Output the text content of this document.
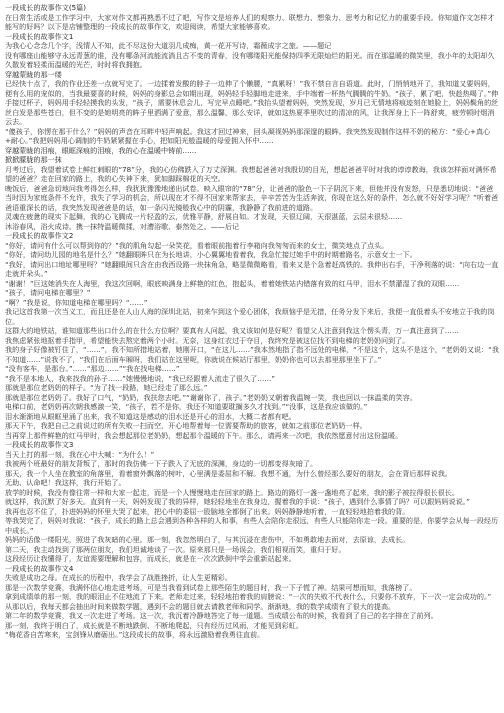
一段成长的故事作文(5篇)

在日常生活或是工作学习中，大家对作文都再熟悉不过了吧，写作文是培养人们的观察力、联想力、想象力、思考力和记忆力的重要手段。你知道作文怎样才能写的好吗？以下是店铺整理的一段成长的故事作文，欢迎阅读，希望大家能够喜欢。

一段成长的故事作文1

为我心心念念几个字，浅情人不知，此不尽这份大道羽几成痴，黄一花开写诗，霜薇成字之旅。——题记

没有哪座山能够守永远青葱的谁，没有哪条河流能流淌且古不变的青春，没有哪缕阳光能保持四季无限灿烂的阳光。而在那温暖的微笑里，我小年的太阳却久久散发着轻柔而温暖的光芒，时时将我拥抱。

穿越蒙眬的那一缕

已经快十点了，我的作业还差一点就写完了。一边揉着发酸的脖子一边伸了个懒腰，“真累呀！”我不禁自言自语道。此时，门悄悄地开了，我知道又要妈妈，便有么用的宠似的，当我最要喜的时候，妈妈的身影总会如期出现，妈妈轻手轻脚地走进来，手中端着一杯热气腾腾的牛奶。“孩子，累了吧，快趁热喝了。”伸手接过杯子，妈妈用手轻轻摸我的头发，“孩子，需要休息会儿，写完早点睡吧。”我抬头望着妈妈，突然发现，岁月已无情地将痕迹刻在她脸上，妈妈鬓角的丝丝白发是那些苍白，但不变的是她明亮的眸子里洒满了爱意，那么温馨，那么安详，就如这热夏季里吹过的清凉的风，让我浑身上下一阵舒爽，疲劳顿时烟消云去。

“傻孩子，你愣在那干什么？”妈妈的声音在耳畔中轻声响起。我这才回过神来，回头凝视妈妈那深邃的眼眸。我突然发现制作这样不奶的秘方：“爱心+真心+耐心。”我把妈妈用心调制的牛奶紧紧握在手心，把如阳光般温暖的母爱拥入怀中……

穿越蒙眬的泪痕，眼眶深痕的泪痕，我的心在温暖中铸前……

掀掀朦胧的那一抹

月考过后，我望着试卷上鲜红刺眼的“78”分，我的心仿佛跌入了万丈深渊。我想起爸爸对我殷切的目光，想起爸爸平时对我的谆谆教诲，我该怎样面对满怀希望的爸爸？走在回家的路上，我的心失神下来，犹如脚踩棉花的天空。

晚饭后，爸爸急切地问我考得怎么样，我犹犹豫豫地递出试卷。映入眼帘的“78”分，让爸爸的脸色一下子阴沉下来，但他并没有发怒，只是悉切地说：“爸爸当时因为家庭条件不允许，我失了学习的机会，所以现在才不得不回家来帮家去，辛辛苦苦为生活奔波，你现在这么好的条件，怎么就不好好学习呢？”听着爸爸语重深长的话，我突然发现爸爸是的话，如一条闪光镜般我心中的阴霾，我静静了我前进的道路。

灵魂在疲惫的现实下起舞，我的心飞腾成一片轻盈的云，优雅平静，舒展自如。才发现，天很辽阔，天很湛蓝，云层未很轻……

沐浴春风，浴火成诗。携一抹特温暖微揉，对漕浴歌、泰然处之。——后记

一段成长的故事作文2

“你好，请问有什么可以帮到你的？”我的肌角勾起一朵笑花，看着眼前拖着行李箱向我匆匆而来的女士，微笑地点了点头。

“你好，请问幼儿园的地名是什么？”她翻眼眸只在为长地讲，小心翼翼地看着我，我急忙接过她手中的时期着路名，示意女士一下。

“我好，请问出口地址哪里呀？”她翻眼间只含在由我西设路一块抹角急，略显微微略看，看来又是个急着赶高铁的。我伸出右手，干净利落的说：“向右边一直走就并朵头。”

“谢谢！”巨这她消失在人海里，我这次回啊，眼底映满身上鲜艳的红色，抱起头，着着她铁站内错落有致的红马甲，泪水不禁灌湿了我的双眼……

“孩子，请问电梯在哪里？”

“啊？”我是说，你知道电梯在哪里吗？“……”

我记这首我第一次当义工，而且还是在人山人海的深圳北站，初来乍到这个爱心团体，我烦恼乎是无措，任务分发下来后，我便一直低着头不安地立于我的岗位。

这群大的地铁站，谁知道那些出口什么的在什么方位啊？要真有人问起，我又该如何是好呢？看望父人注意到我这个愣头青，万一真注意到了……

我焦虑紧张地抠着手指甲，希望能快去熬完着两个小时。无奈，这身红衣过于夺目，我终究是被这位找不到电梯的老奶奶问到了。

我的身子好像被钉住了，“……”，我不知所措地站着，她刚开口，“在这儿……”我本然地指了指不远处的电梯，“不是这个，这头不是这个，“老奶奶又说：“我不知道……”说我不了，“我们在后面车厢呀，我们站在这里呢，你就说在候站厅那里，奶奶你也可以去那里那里坐下了。”

“没有客车，是那台。”……“那边……”“我在找电梯……”

“我不是本地人，我来找我的孙子……”她慢慢地说，“我已经跟着人流走了很久了……”

那就是那位老奶奶的样子。“为了找一段路，她已经走了那么远。”

那就是那位老奶奶了。我好了口气，“奶奶，我扶您去吧。”“谢谢你了，孩子。”老奶奶又朝着我温婉一笑，我也回以一抹温柔的笑容。

电梯口前，老奶奶再次朝我感激一笑，“孩子，若不是你，我还不知道要耽搁多久才找到。”“没事，这是我应该做的。”

泪水渐渐地从眼眶里涌了出来，我不知道这是感动的泪水还是开心的泪水，大概二者都有吧。

那天下午，我把自己之前说过的所有失败一扫而空，开心地帮着每一位需要帮助的旅客，就如之前那位老奶奶一样。

当再穿上那件鲜艳的红马甲时，我会想起那位老奶奶，想起那个温暖的下午。那么，请再来一次吧，我依然愿意付出这份温暖。

一段成长的故事作文3

当天上打的那一刻，我在心中大喊：“为什么！”

我被两个班最好的朋友背叛了，那时的我仿佛一下子跌入了无底的深渊，身边的一切都变得灰暗了。

那天，我一个人坐在教室的角落里，看着窗外飘落的树叶，心里满是委屈和不解。我想不通，为什么曾经那么要好的朋友，会在背后那样说我。

无助、认命吧！我这样，我行开始了。

放学的时候，我没有像往常一样和大家一起走，而是一个人慢慢地走在回家的路上。路边的路灯一盏一盏地亮了起来，我的影子被拉得很长很长。

就这样，我沉默了好多天。直到有一天，妈妈发现了我的异样，她轻轻地坐在我身边，握着我的手说：“孩子，遇到什么事情了吗？可以跟妈妈说说。”

我再也忍不住了，扑进妈妈的怀里大哭了起来，把心中的委屈一股脑地全都倒了出来。妈妈静静地听着，一直轻轻地拍着我的背。

等我哭完了，妈妈对我说：“孩子，成长的路上总会遇到各种各样的人和事，有些人会陪你走很远，有些人只能陪你走一段。重要的是，你要学会从每一段经历中成长。”

妈妈的话像一缕阳光，照进了我灰暗的心里。那一刻，我忽然明白了，与其沉浸在悲伤中，不如勇敢地去面对，去原谅，去成长。

第二天，我主动找到了那两位朋友，我们坦诚地谈了一次。原来那只是一场误会，我们相视而笑，重归于好。

这段经历让我懂得了，友谊需要理解和包容，而成长，就是在一次次跌倒中学会重新站起来。

一段成长的故事作文4

失败是成功之母。在成长的历程中，我学会了战胜挫折，让人生更精彩。

那是一次数学竞赛，我满怀信心地走进考场，可是当我看到试卷上那些陌生的题目时，我一下子慌了神。结果可想而知，我落榜了。

拿到成绩单的那一刻，我的眼泪止不住地流了下来。老师走过来，轻轻地拍着我的肩膀说：“一次的失败不代表什么，只要你不放弃，下一次一定会成功的。”

从那以后，我每天都会抽出时间来做数学题，遇到不会的题目就去请教老师和同学。渐渐地，我的数学成绩有了很大的提高。

第二年的数学竞赛，我又一次走进了考场。这一次，我沉着冷静地答完了每一道题。当成绩公布的时候，我看到了自己的名字排在了前列。

那一刻，我终于明白了，成长就是不断地跌倒、不断地爬起，只有经历过风雨，才能见到彩虹。

“梅花香自苦寒来，宝剑锋从磨砺出。”这段成长的故事，将永远激励着我勇往直前。
